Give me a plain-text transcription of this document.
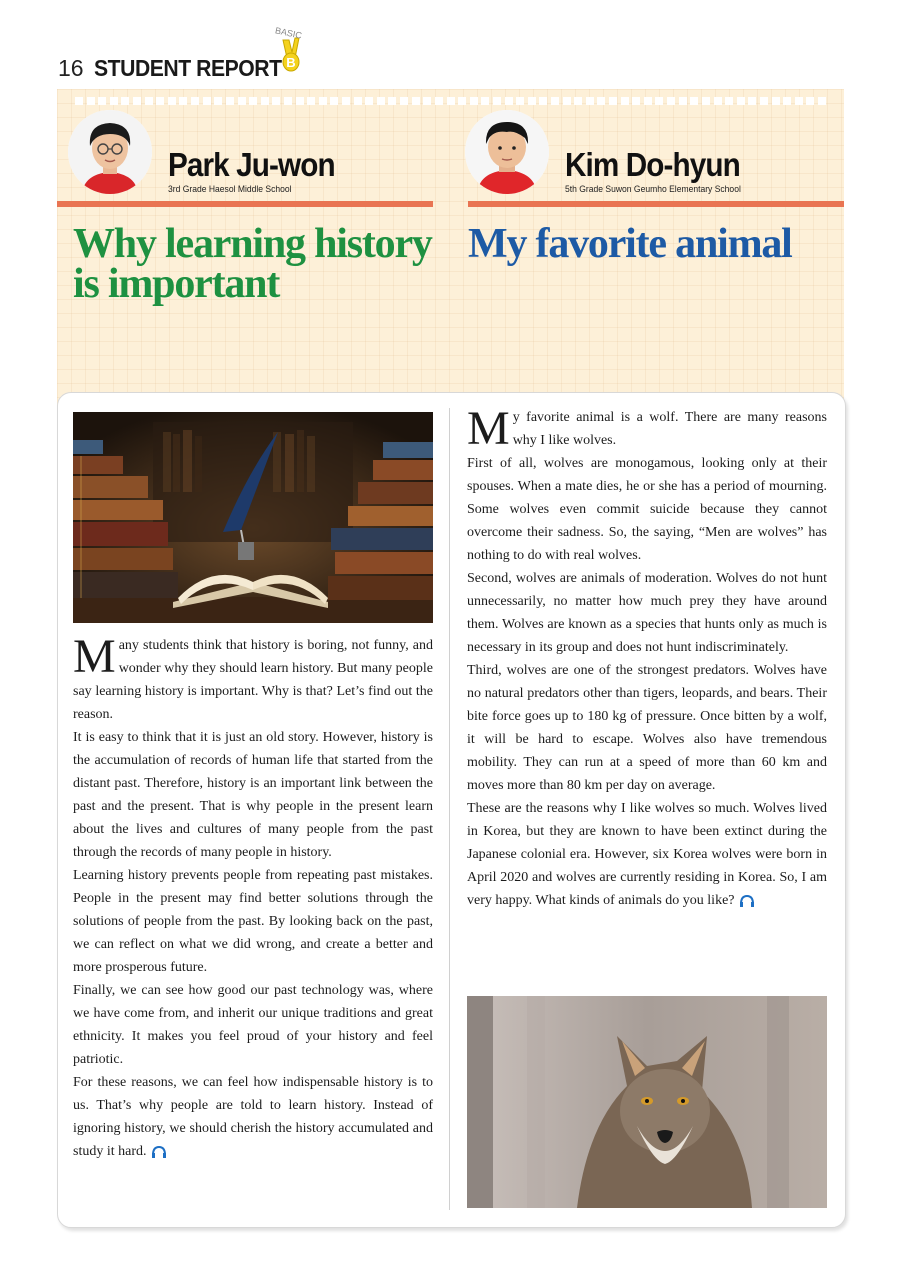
16 STUDENT REPORT
BASIC
B
Park Ju-won
3rd Grade Haesol Middle School
Kim Do-hyun
5th Grade Suwon Geumho Elementary School
Why learning history is important
My favorite animal
M any students think that history is boring, not funny, and wonder why they should learn history. But many people say learning history is important. Why is that? Let’s find out the reason.

It is easy to think that it is just an old story. However, history is the accumulation of records of human life that started from the distant past. Therefore, history is an important link between the past and the present. That is why people in the present learn about the lives and cultures of many people from the past through the records of many people in history.

Learning history prevents people from repeating past mistakes. People in the present may find better solutions through the solutions of people from the past. By looking back on the past, we can reflect on what we did wrong, and create a better and more prosperous future.

Finally, we can see how good our past technology was, where we have come from, and inherit our unique traditions and great ethnicity. It makes you feel proud of your history and feel patriotic.

For these reasons, we can feel how indispensable history is to us. That’s why people are told to learn history. Instead of ignoring history, we should cherish the history accumulated and study it hard.

M y favorite animal is a wolf. There are many reasons why I like wolves.

First of all, wolves are monogamous, looking only at their spouses. When a mate dies, he or she has a period of mourning. Some wolves even commit suicide because they cannot overcome their sadness. So, the saying, “Men are wolves” has nothing to do with real wolves.

Second, wolves are animals of moderation. Wolves do not hunt unnecessarily, no matter how much prey they have around them. Wolves are known as a species that hunts only as much is necessary in its group and does not hunt indiscriminately.

Third, wolves are one of the strongest predators. Wolves have no natural predators other than tigers, leopards, and bears. Their bite force goes up to 180 kg of pressure. Once bitten by a wolf, it will be hard to escape. Wolves also have tremendous mobility. They can run at a speed of more than 60 km and moves more than 80 km per day on average.

These are the reasons why I like wolves so much. Wolves lived in Korea, but they are known to have been extinct during the Japanese colonial era. However, six Korea wolves were born in April 2020 and wolves are currently residing in Korea. So, I am very happy. What kinds of animals do you like?
